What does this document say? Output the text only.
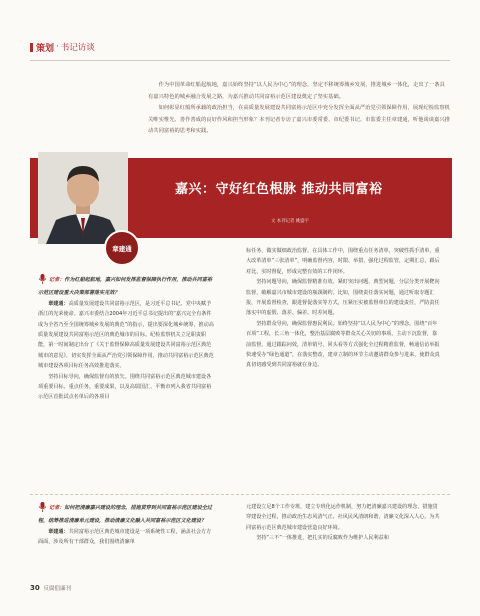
策划 · 书记访谈

作为中国革命红船起航地，嘉兴始终坚持“以人民为中心”的理念，坚定不移统筹城乡发展，推进城乡一体化，走出了一条具有嘉兴特色的城乡融合发展之路，为嘉兴推动共同富裕示范区建设奠定了坚实基础。

如何彰显红船所承载的政治担当，在高质量发展建设共同富裕示范区中充分发挥全面从严治党引领保障作用，展现纪检监察机关唯实惟先、善作善成的良好作风和担当形象？本刊记者专访了嘉兴市委常委、市纪委书记、市监委主任章建通，听他谈谈嘉兴推动共同富裕的思考和实践。

嘉兴：守好红色根脉 推动共同富裕
文 本刊记者 姚盛宇
章建通

记者：作为红船起航地，嘉兴如何发挥监督保障执行作用，推动共同富裕示范区建设重大决策部署落实见效？

章建通：高质量发展建设共同富裕示范区，是习近平总书记、党中央赋予浙江的光荣使命。嘉兴市委结合2004年习近平总书记提出的“嘉兴完全有条件成为全省乃至全国统筹城乡发展的典范”的指示，提出要深化城乡统筹，推动高质量发展建设共同富裕示范区的典范城市的目标。纪检监察机关立足职责职能，第一时间制定出台了《关于监督保障高质量发展建设共同富裕示范区典范城市的意见》，切实发挥全面从严治党引领保障作用，推动共同富裕示范区典范城市建设各项目标任务高效推进落实。

坚持目标导向，确保监督有的放矢。围绕共同富裕示范区典范城市建设各项重要目标、重点任务、重要成果，以及高瑞国汇、平衡市列入我省共同富裕示范区首批试点名单后的各项目

标任务，做实做细政治监督。在具体工作中，围绕重点任务清单，突破性抓手清单，重大改革清单“三张清单”，明确监督内容，时限、举措，强化过程监管，定期汇总，跟后对比，实时督促，形成完整有效的工作闭环。

坚持问题导向，确保监督精准有效。紧盯突出问题，典型问题，分层分类开展靶向监督，破解嘉兴市城市建设的瓶颈制约。比如，围绕责任落实问题，通过听取专题汇报，开展监督检查，跟进督促落实等方式，压紧压实被监督单位的建设责任，严防责任落实中的虚假、落差、偏差、时差问题。

坚持群众导向，确保监督惠民利民。始终坚持“以人民为中心”的理念，围绕“百年百项”工程，长三角一体化，整治基层腐败等群众关心关切的事项，主动下沉监督，靠前监督，通过跟踪问效，清单销号，回头看等方式强化全过程精准监督，畅通信访举报快速受办“绿色通道”，在落实整改，建章立制的环节主动邀请群众参与进来，使群众真真切切感受到共同富裕就在身边。

记者：如何把清廉嘉兴建设的理念，措施贯穿到共同富裕示范区建设全过程，统筹推进清廉单元建设，推动清廉文化融入共同富裕示范区文化建设？

章建通：共同富裕示范区典范城市建设是一项系统性工程，涵盖社会方方面面，涉及所有干部群众，我们围绕清廉单

元建设立足8个工作专班，建立专班化运作机制，努力把清廉嘉兴建设的理念，措施贯穿建设全过程，推动政治生态风清气正、社风民风清朗和谐，清廉文化深入人心，为共同富裕示范区典范城市建设营造良好环境。

坚持“三不”一体推进，把扎实的反腐败作为维护人民利益和

30 反腐倡廉刊
